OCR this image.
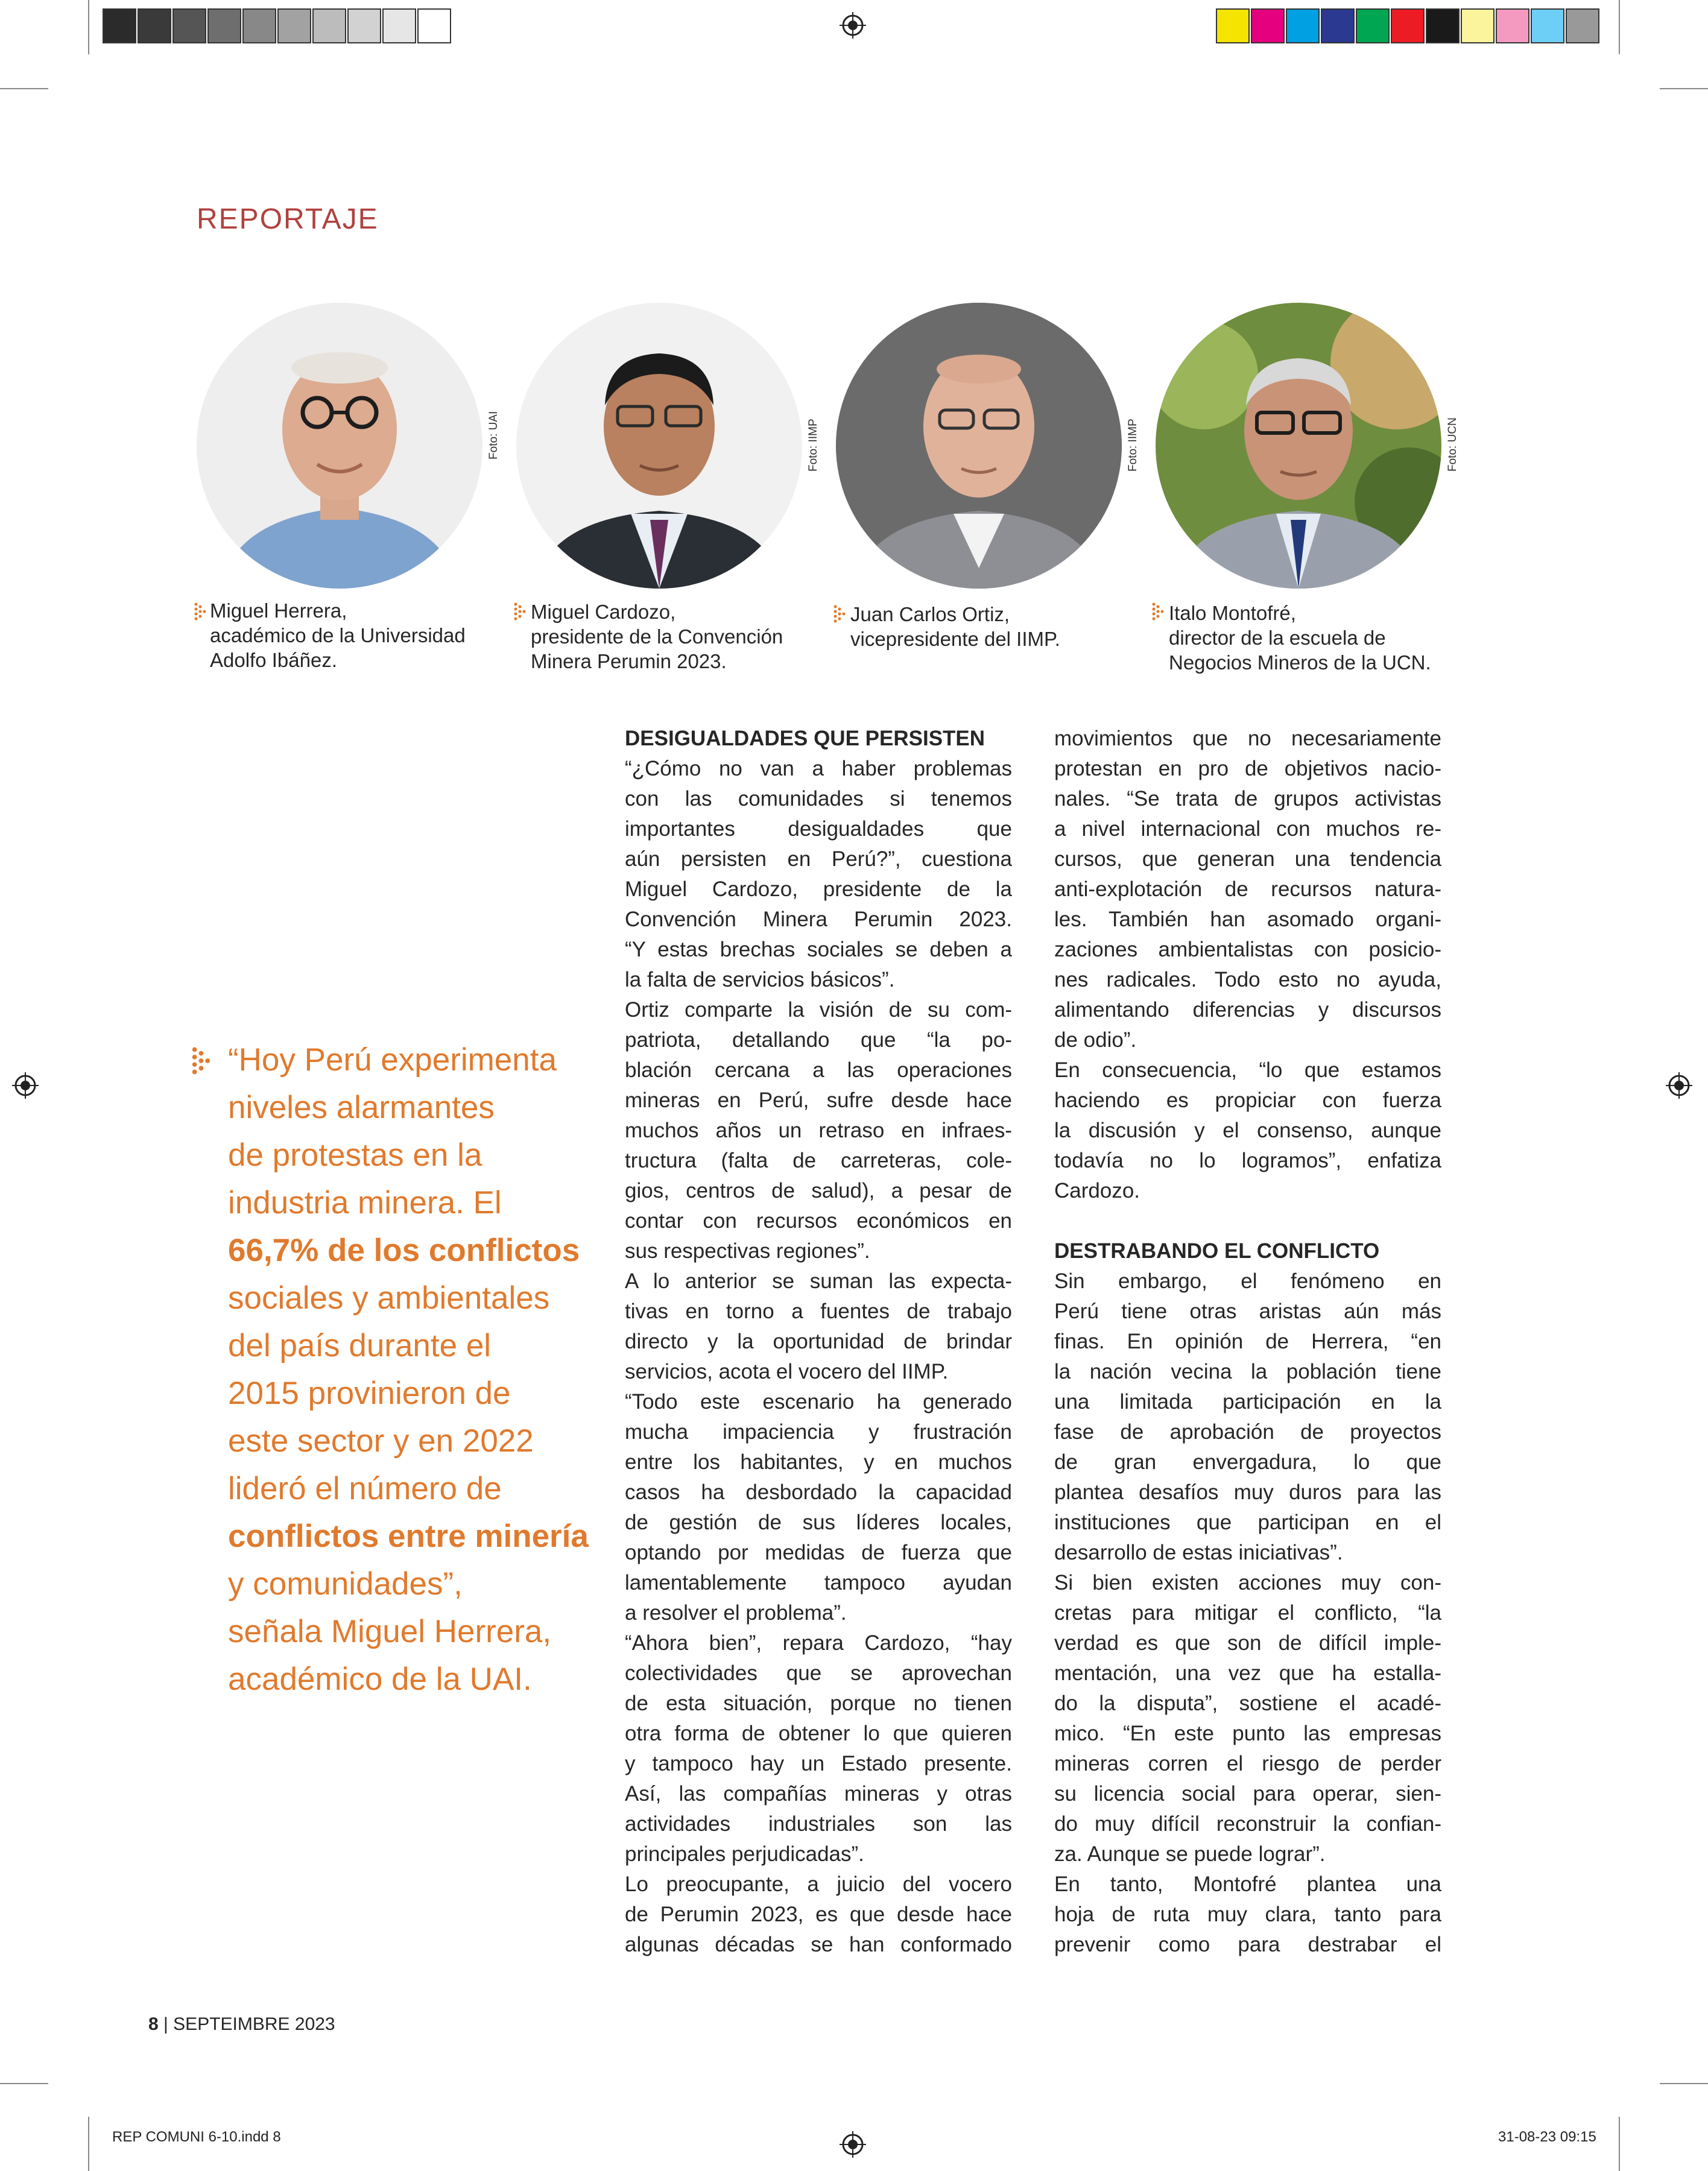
REPORTAJE
Foto: UAI	Foto: IIMP	Foto: IIMP	Foto: UCN
Miguel Herrera,
académico de la Universidad
Adolfo Ibáñez.
Miguel Cardozo,
presidente de la Convención
Minera Perumin 2023.
Juan Carlos Ortiz,
vicepresidente del IIMP.
Italo Montofré,
director de la escuela de
Negocios Mineros de la UCN.
“Hoy Perú experimenta
niveles alarmantes
de protestas en la
industria minera. El
66,7% de los conflictos
sociales y ambientales
del país durante el
2015 provinieron de
este sector y en 2022
lideró el número de
conflictos entre minería
y comunidades”,
señala Miguel Herrera,
académico de la UAI.
DESIGUALDADES QUE PERSISTEN
“¿Cómo no van a haber problemas
con las comunidades si tenemos
importantes desigualdades que
aún persisten en Perú?”, cuestiona
Miguel Cardozo, presidente de la
Convención Minera Perumin 2023.
“Y estas brechas sociales se deben a
la falta de servicios básicos”.
Ortiz comparte la visión de su com-
patriota, detallando que “la po-
blación cercana a las operaciones
mineras en Perú, sufre desde hace
muchos años un retraso en infraes-
tructura (falta de carreteras, cole-
gios, centros de salud), a pesar de
contar con recursos económicos en
sus respectivas regiones”.
A lo anterior se suman las expecta-
tivas en torno a fuentes de trabajo
directo y la oportunidad de brindar
servicios, acota el vocero del IIMP.
“Todo este escenario ha generado
mucha impaciencia y frustración
entre los habitantes, y en muchos
casos ha desbordado la capacidad
de gestión de sus líderes locales,
optando por medidas de fuerza que
lamentablemente tampoco ayudan
a resolver el problema”.
“Ahora bien”, repara Cardozo, “hay
colectividades que se aprovechan
de esta situación, porque no tienen
otra forma de obtener lo que quieren
y tampoco hay un Estado presente.
Así, las compañías mineras y otras
actividades industriales son las
principales perjudicadas”.
Lo preocupante, a juicio del vocero
de Perumin 2023, es que desde hace
algunas décadas se han conformado
movimientos que no necesariamente
protestan en pro de objetivos nacio-
nales. “Se trata de grupos activistas
a nivel internacional con muchos re-
cursos, que generan una tendencia
anti-explotación de recursos natura-
les. También han asomado organi-
zaciones ambientalistas con posicio-
nes radicales. Todo esto no ayuda,
alimentando diferencias y discursos
de odio”.
En consecuencia, “lo que estamos
haciendo es propiciar con fuerza
la discusión y el consenso, aunque
todavía no lo logramos”, enfatiza
Cardozo.
DESTRABANDO EL CONFLICTO
Sin embargo, el fenómeno en
Perú tiene otras aristas aún más
finas. En opinión de Herrera, “en
la nación vecina la población tiene
una limitada participación en la
fase de aprobación de proyectos
de gran envergadura, lo que
plantea desafíos muy duros para las
instituciones que participan en el
desarrollo de estas iniciativas”.
Si bien existen acciones muy con-
cretas para mitigar el conflicto, “la
verdad es que son de difícil imple-
mentación, una vez que ha estalla-
do la disputa”, sostiene el acadé-
mico. “En este punto las empresas
mineras corren el riesgo de perder
su licencia social para operar, sien-
do muy difícil reconstruir la confian-
za. Aunque se puede lograr”.
En tanto, Montofré plantea una
hoja de ruta muy clara, tanto para
prevenir como para destrabar el
8 | SEPTEIMBRE 2023
REP COMUNI 6-10.indd 8	31-08-23 09:15
